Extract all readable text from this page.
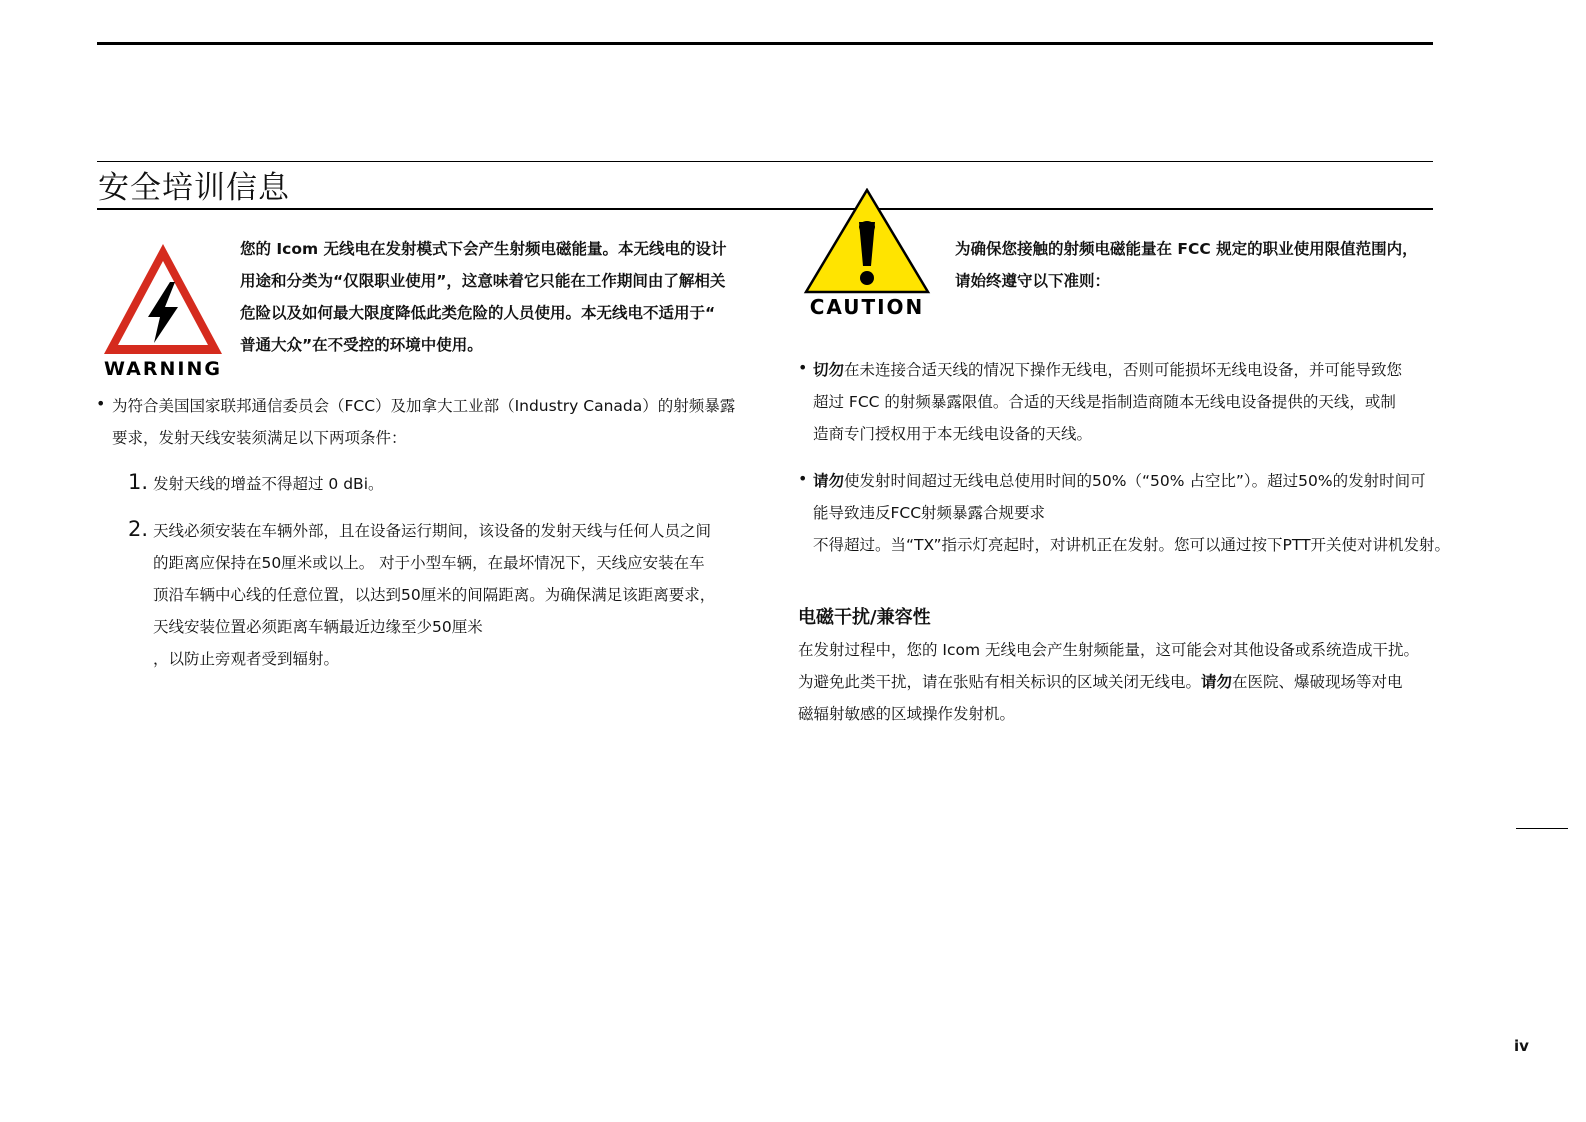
安全培训信息
WARNING
CAUTION
您的 Icom 无线电在发射模式下会产生射频电磁能量。本无线电的设计
用途和分类为“仅限职业使用”，这意味着它只能在工作期间由了解相关
危险以及如何最大限度降低此类危险的人员使用。本无线电不适用于“
普通大众”在不受控的环境中使用。
• 为符合美国国家联邦通信委员会（FCC）及加拿大工业部（Industry Canada）的射频暴露
要求，发射天线安装须满足以下两项条件：
1. 发射天线的增益不得超过 0 dBi。
2. 天线必须安装在车辆外部，且在设备运行期间，该设备的发射天线与任何人员之间
的距离应保持在50厘米或以上。 对于小型车辆，在最坏情况下，天线应安装在车
顶沿车辆中心线的任意位置，以达到50厘米的间隔距离。为确保满足该距离要求，
天线安装位置必须距离车辆最近边缘至少50厘米
，以防止旁观者受到辐射。
为确保您接触的射频电磁能量在 FCC 规定的职业使用限值范围内，
请始终遵守以下准则：
• 切勿在未连接合适天线的情况下操作无线电，否则可能损坏无线电设备，并可能导致您
超过 FCC 的射频暴露限值。合适的天线是指制造商随本无线电设备提供的天线，或制
造商专门授权用于本无线电设备的天线。
• 请勿使发射时间超过无线电总使用时间的50%（“50% 占空比”）。超过50%的发射时间可
能导致违反FCC射频暴露合规要求
不得超过。当“TX”指示灯亮起时，对讲机正在发射。您可以通过按下PTT开关使对讲机发射。
电磁干扰/兼容性
在发射过程中，您的 Icom 无线电会产生射频能量，这可能会对其他设备或系统造成干扰。
为避免此类干扰，请在张贴有相关标识的区域关闭无线电。请勿在医院、爆破现场等对电
磁辐射敏感的区域操作发射机。
iv
